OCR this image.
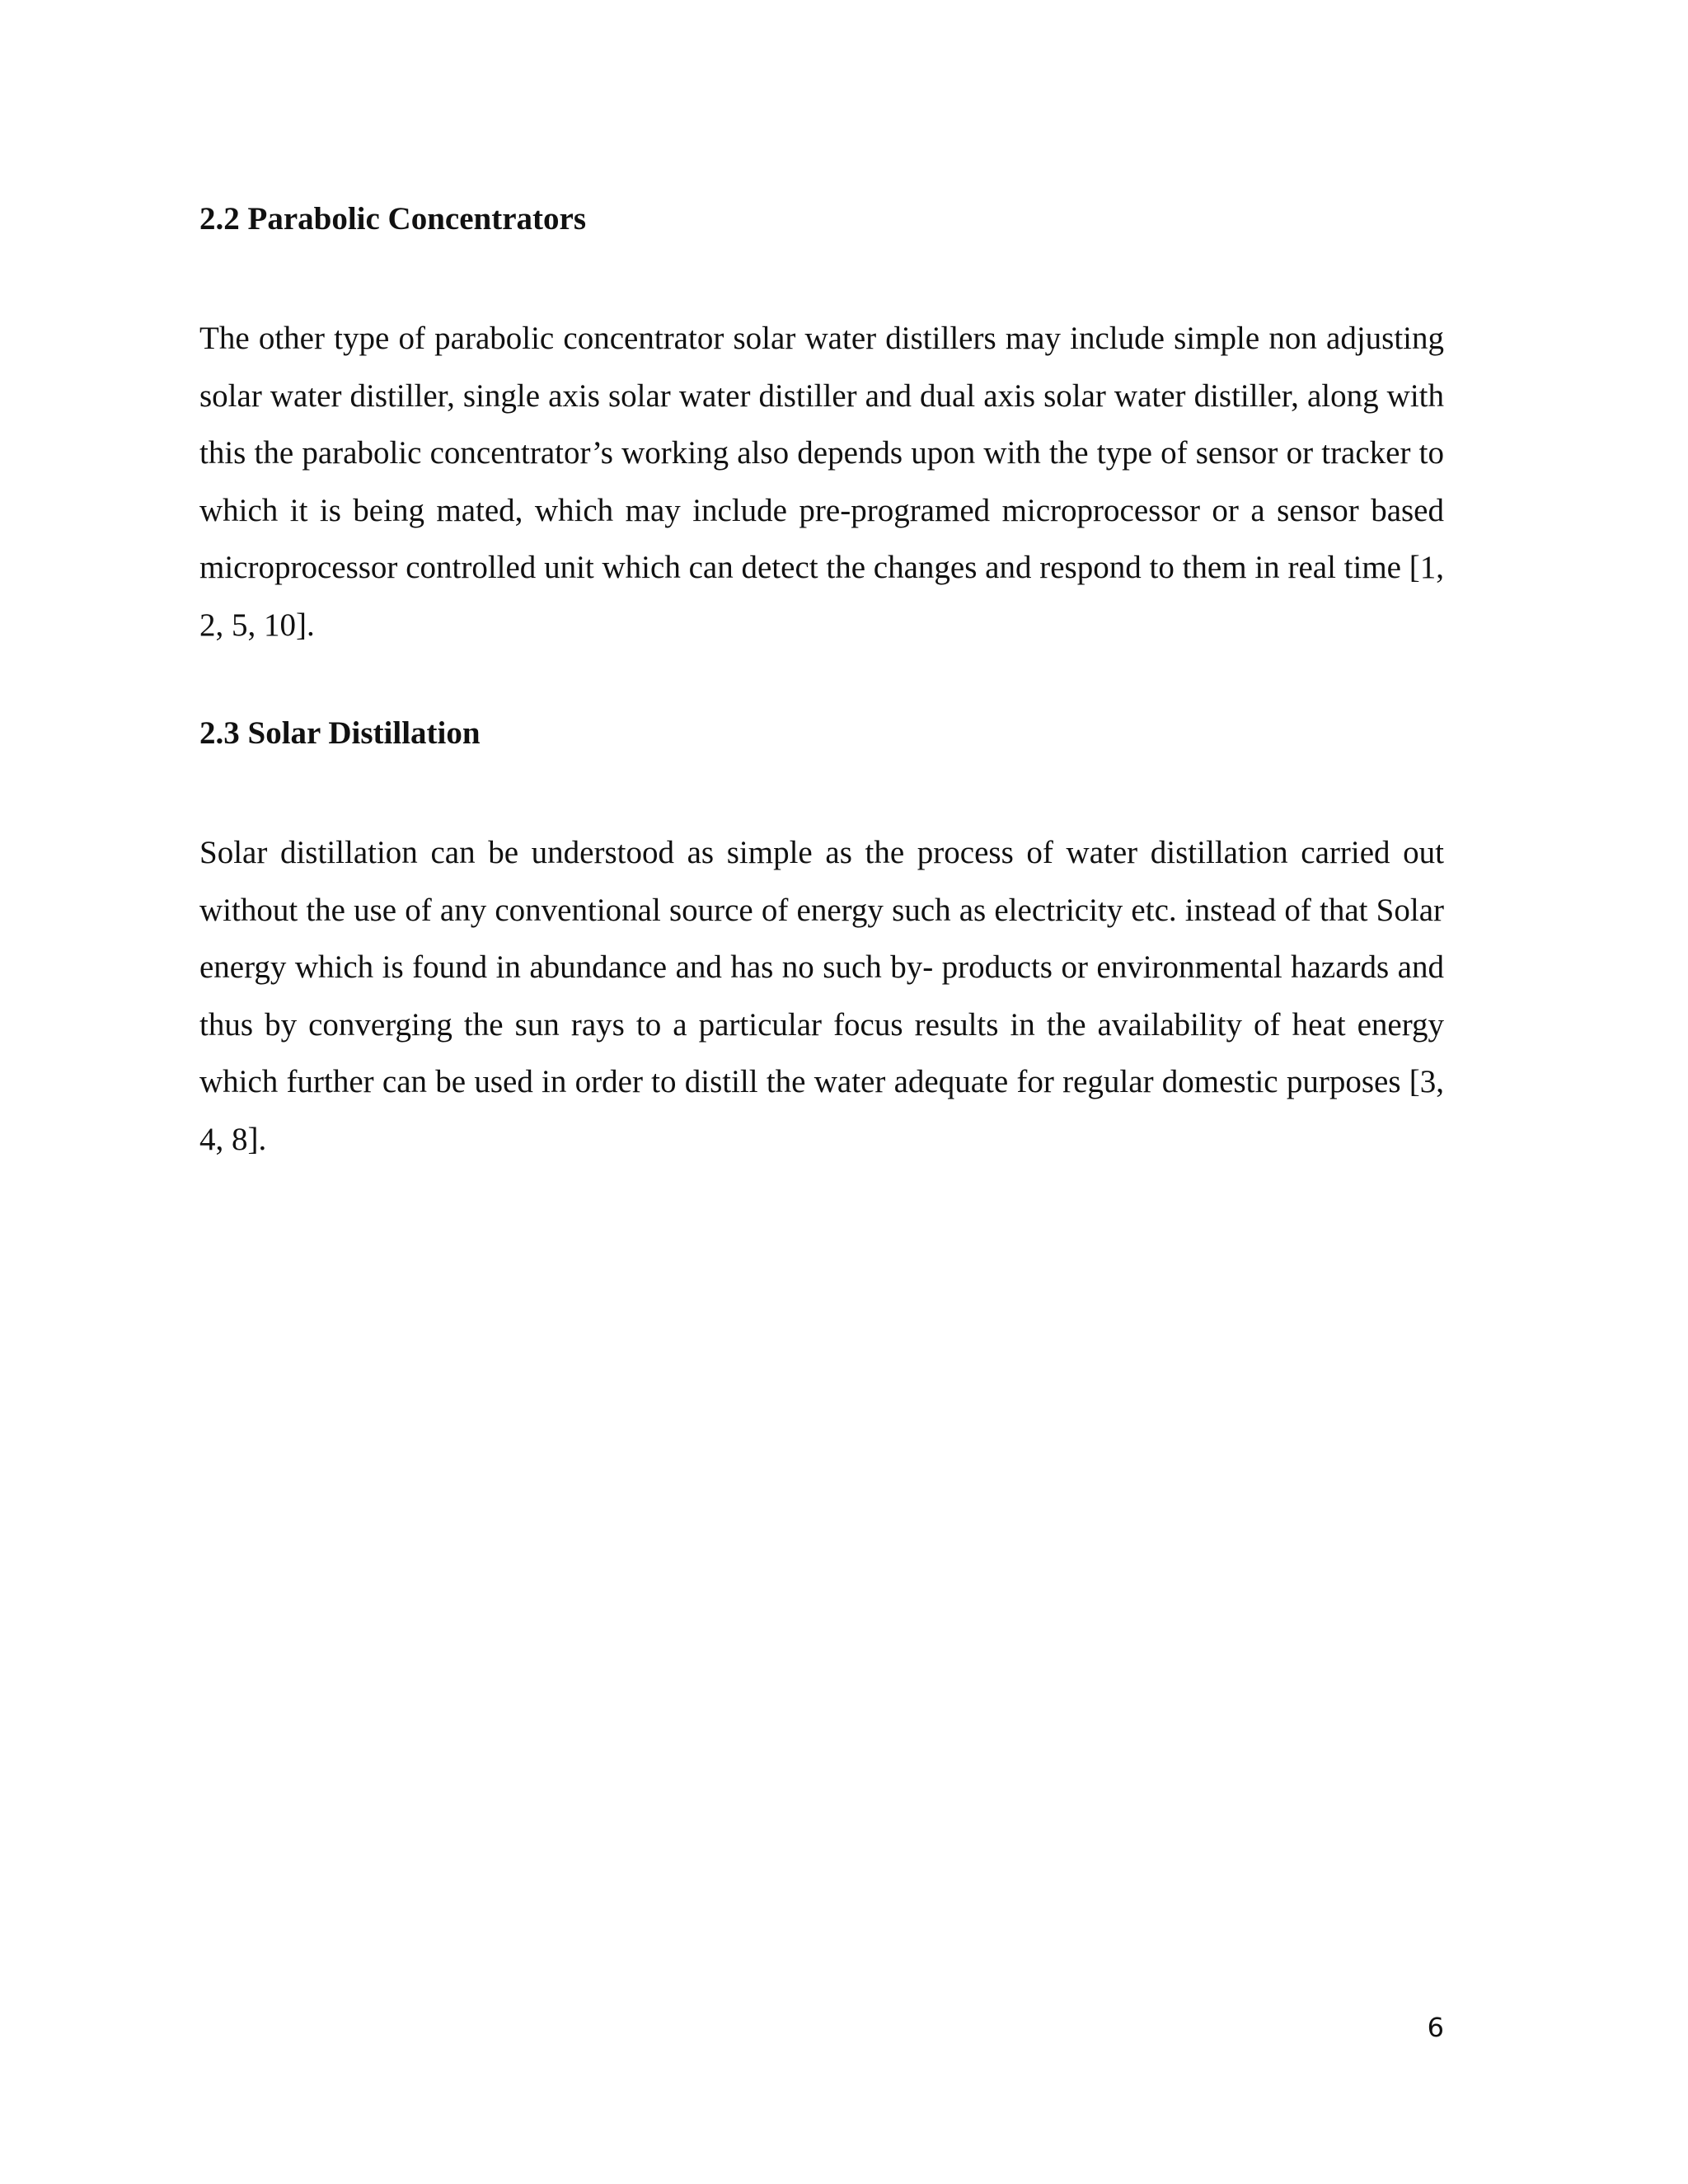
2.2 Parabolic Concentrators

The other type of parabolic concentrator solar water distillers may include simple non adjusting solar water distiller, single axis solar water distiller and dual axis solar water distiller, along with this the parabolic concentrator’s working also depends upon with the type of sensor or tracker to which it is being mated, which may include pre-programed microprocessor or a sensor based microprocessor controlled unit which can detect the changes and respond to them in real time [1, 2, 5, 10].

2.3 Solar Distillation

Solar distillation can be understood as simple as the process of water distillation carried out without the use of any conventional source of energy such as electricity etc. instead of that Solar energy which is found in abundance and has no such by- products or environmental hazards and thus by converging the sun rays to a particular focus results in the availability of heat energy which further can be used in order to distill the water adequate for regular domestic purposes [3, 4, 8].

6
